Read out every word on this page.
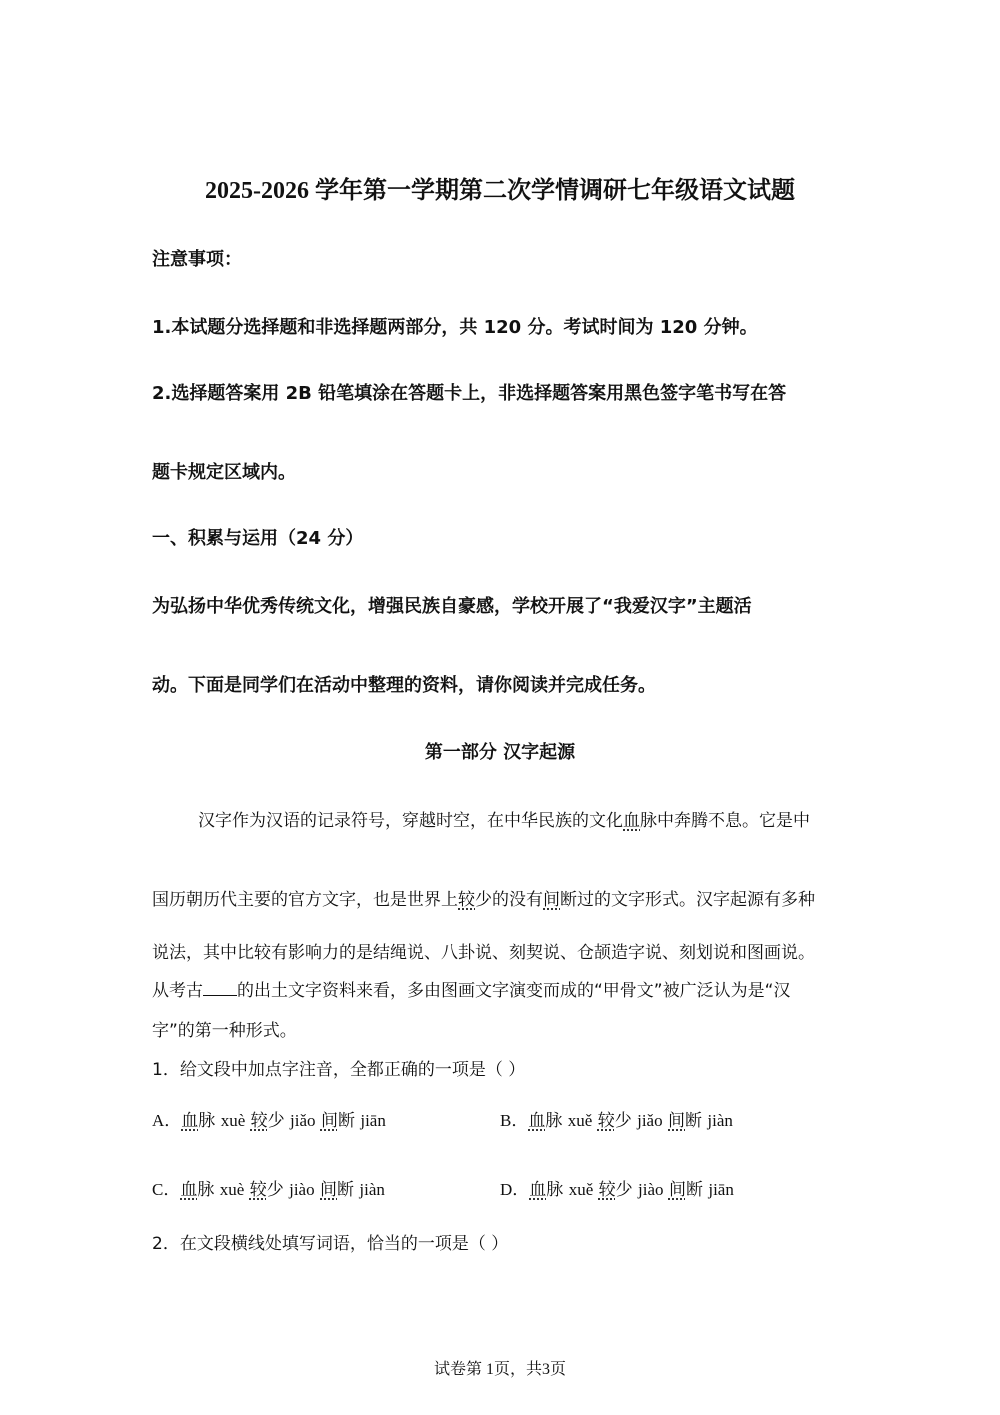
2025-2026 学年第一学期第二次学情调研七年级语文试题
注意事项：
1.本试题分选择题和非选择题两部分，共 120 分。考试时间为 120 分钟。
2.选择题答案用 2B 铅笔填涂在答题卡上，非选择题答案用黑色签字笔书写在答
题卡规定区域内。
一、积累与运用（24 分）
为弘扬中华优秀传统文化，增强民族自豪感，学校开展了“我爱汉字”主题活
动。下面是同学们在活动中整理的资料，请你阅读并完成任务。
第一部分 汉字起源
汉字作为汉语的记录符号，穿越时空，在中华民族的文化血脉中奔腾不息。它是中
国历朝历代主要的官方文字，也是世界上较少的没有间断过的文字形式。汉字起源有多种
说法，其中比较有影响力的是结绳说、八卦说、刻契说、仓颉造字说、刻划说和图画说。
从考古 的出土文字资料来看，多由图画文字演变而成的“甲骨文”被广泛认为是“汉
字”的第一种形式。
1．给文段中加点字注音，全都正确的一项是（ ）
A．血脉 xuè 较少 jiǎo 间断 jiān	B．血脉 xuě 较少 jiǎo 间断 jiàn
C．血脉 xuè 较少 jiào 间断 jiàn	D．血脉 xuě 较少 jiào 间断 jiān
2．在文段横线处填写词语，恰当的一项是（ ）
试卷第 1页，共3页
